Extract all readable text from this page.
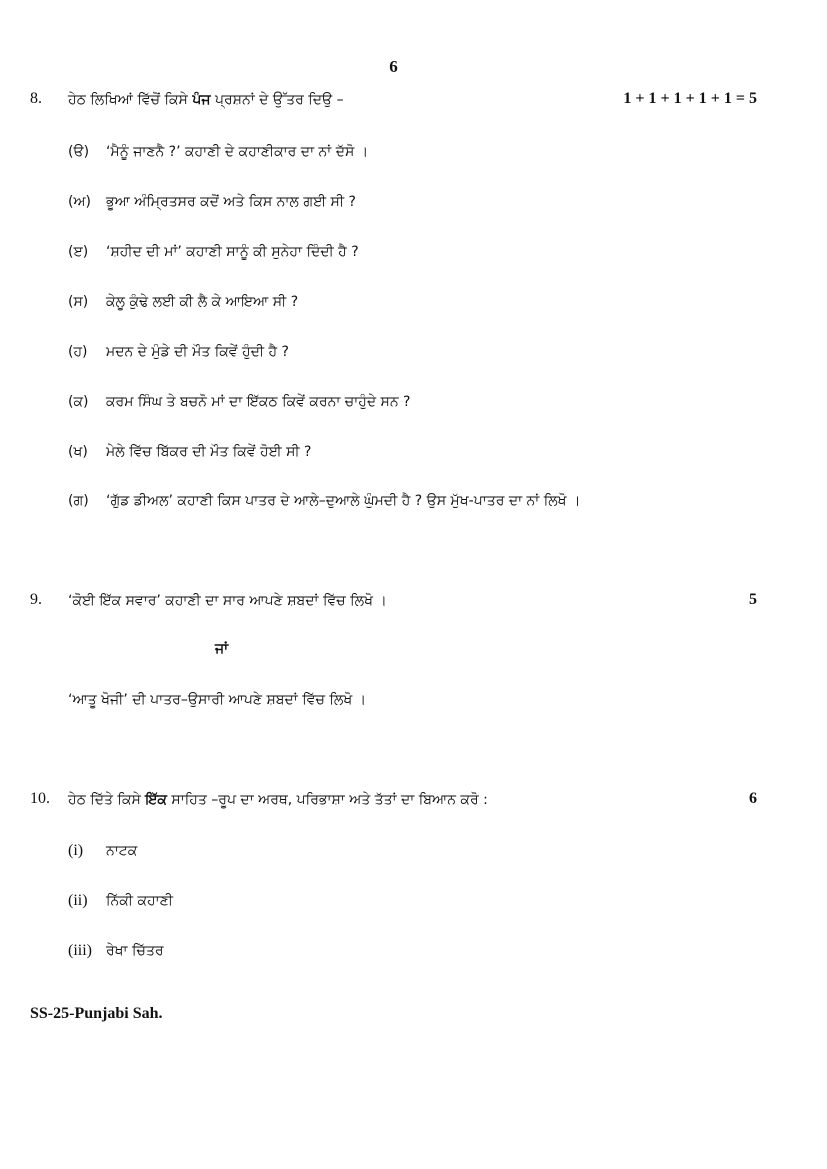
6
8. ਹੇਠ ਲਿਖਿਆਂ ਵਿੱਚੋਂ ਕਿਸੇ ਪੰਜ ਪ੍ਰਸ਼ਨਾਂ ਦੇ ਉੱਤਰ ਦਿਉ –	1 + 1 + 1 + 1 + 1 = 5
(ੳ) ‘ਮੈਨੂੰ ਜਾਣਨੈ ?’ ਕਹਾਣੀ ਦੇ ਕਹਾਣੀਕਾਰ ਦਾ ਨਾਂ ਦੱਸੋ ।
(ਅ) ਭੂਆ ਅੰਮ੍ਰਿਤਸਰ ਕਦੋਂ ਅਤੇ ਕਿਸ ਨਾਲ ਗਈ ਸੀ ?
(ੲ) ‘ਸ਼ਹੀਦ ਦੀ ਮਾਂ’ ਕਹਾਣੀ ਸਾਨੂੰ ਕੀ ਸੁਨੇਹਾ ਦਿੰਦੀ ਹੈ ?
(ਸ) ਕੇਲੂ ਕੁੰਢੇ ਲਈ ਕੀ ਲੈ ਕੇ ਆਇਆ ਸੀ ?
(ਹ) ਮਦਨ ਦੇ ਮੁੰਡੇ ਦੀ ਮੌਤ ਕਿਵੇਂ ਹੁੰਦੀ ਹੈ ?
(ਕ) ਕਰਮ ਸਿੰਘ ਤੇ ਬਚਨੋ ਮਾਂ ਦਾ ਇੱਕਠ ਕਿਵੇਂ ਕਰਨਾ ਚਾਹੁੰਦੇ ਸਨ ?
(ਖ) ਮੇਲੇ ਵਿੱਚ ਬਿੱਕਰ ਦੀ ਮੌਤ ਕਿਵੇਂ ਹੋਈ ਸੀ ?
(ਗ) ‘ਗੁੱਡ ਡੀਅਲ’ ਕਹਾਣੀ ਕਿਸ ਪਾਤਰ ਦੇ ਆਲੇ–ਦੁਆਲੇ ਘੁੰਮਦੀ ਹੈ ? ਉਸ ਮੁੱਖ-ਪਾਤਰ ਦਾ ਨਾਂ ਲਿਖੋ ।
9. ‘ਕੋਈ ਇੱਕ ਸਵਾਰ’ ਕਹਾਣੀ ਦਾ ਸਾਰ ਆਪਣੇ ਸ਼ਬਦਾਂ ਵਿੱਚ ਲਿਖੋ ।	5
ਜਾਂ
‘ਆਤੂ ਖੋਜੀ’ ਦੀ ਪਾਤਰ–ਉਸਾਰੀ ਆਪਣੇ ਸ਼ਬਦਾਂ ਵਿੱਚ ਲਿਖੋ ।
10. ਹੇਠ ਦਿੱਤੇ ਕਿਸੇ ਇੱਕ ਸਾਹਿਤ –ਰੂਪ ਦਾ ਅਰਥ, ਪਰਿਭਾਸ਼ਾ ਅਤੇ ਤੱਤਾਂ ਦਾ ਬਿਆਨ ਕਰੋ :	6
(i) ਨਾਟਕ
(ii) ਨਿੱਕੀ ਕਹਾਣੀ
(iii) ਰੇਖਾ ਚਿੱਤਰ
SS-25-Punjabi Sah.
